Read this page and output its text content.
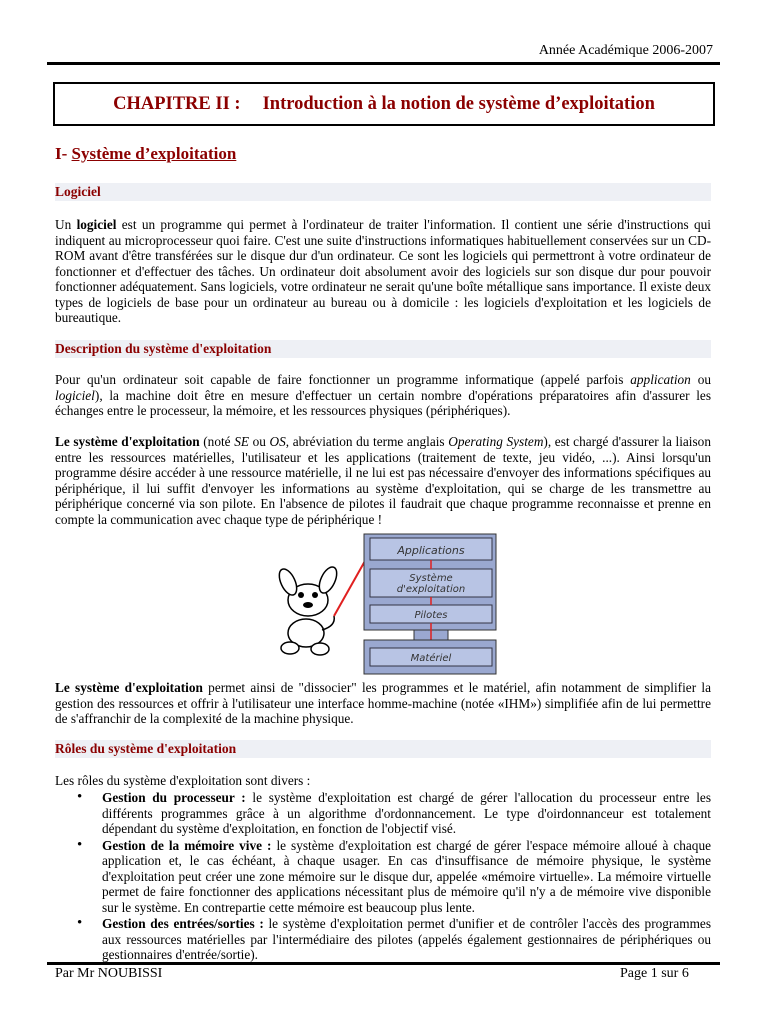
Année Académique 2006-2007
CHAPITRE II : Introduction à la notion de système d’exploitation
I- Système d’exploitation
Logiciel
Un logiciel est un programme qui permet à l'ordinateur de traiter l'information. Il contient une série d'instructions qui indiquent au microprocesseur quoi faire. C'est une suite d'instructions informatiques habituellement conservées sur un CD-ROM avant d'être transférées sur le disque dur d'un ordinateur. Ce sont les logiciels qui permettront à votre ordinateur de fonctionner et d'effectuer des tâches. Un ordinateur doit absolument avoir des logiciels sur son disque dur pour pouvoir fonctionner adéquatement. Sans logiciels, votre ordinateur ne serait qu'une boîte métallique sans importance. Il existe deux types de logiciels de base pour un ordinateur au bureau ou à domicile : les logiciels d'exploitation et les logiciels de bureautique.
Description du système d'exploitation
Pour qu'un ordinateur soit capable de faire fonctionner un programme informatique (appelé parfois application ou logiciel), la machine doit être en mesure d'effectuer un certain nombre d'opérations préparatoires afin d'assurer les échanges entre le processeur, la mémoire, et les ressources physiques (périphériques).
Le système d'exploitation (noté SE ou OS, abréviation du terme anglais Operating System), est chargé d'assurer la liaison entre les ressources matérielles, l'utilisateur et les applications (traitement de texte, jeu vidéo, ...). Ainsi lorsqu'un programme désire accéder à une ressource matérielle, il ne lui est pas nécessaire d'envoyer des informations spécifiques au périphérique, il lui suffit d'envoyer les informations au système d'exploitation, qui se charge de les transmettre au périphérique concerné via son pilote. En l'absence de pilotes il faudrait que chaque programme reconnaisse et prenne en compte la communication avec chaque type de périphérique !
Applications
Système
d'exploitation
Pilotes
Matériel
Le système d'exploitation permet ainsi de "dissocier" les programmes et le matériel, afin notamment de simplifier la gestion des ressources et offrir à l'utilisateur une interface homme-machine (notée «IHM») simplifiée afin de lui permettre de s'affranchir de la complexité de la machine physique.
Rôles du système d'exploitation
Les rôles du système d'exploitation sont divers :
• Gestion du processeur : le système d'exploitation est chargé de gérer l'allocation du processeur entre les différents programmes grâce à un algorithme d'ordonnancement. Le type d'oirdonnanceur est totalement dépendant du système d'exploitation, en fonction de l'objectif visé.
• Gestion de la mémoire vive : le système d'exploitation est chargé de gérer l'espace mémoire alloué à chaque application et, le cas échéant, à chaque usager. En cas d'insuffisance de mémoire physique, le système d'exploitation peut créer une zone mémoire sur le disque dur, appelée «mémoire virtuelle». La mémoire virtuelle permet de faire fonctionner des applications nécessitant plus de mémoire qu'il n'y a de mémoire vive disponible sur le système. En contrepartie cette mémoire est beaucoup plus lente.
• Gestion des entrées/sorties : le système d'exploitation permet d'unifier et de contrôler l'accès des programmes aux ressources matérielles par l'intermédiaire des pilotes (appelés également gestionnaires de périphériques ou gestionnaires d'entrée/sortie).
Par Mr NOUBISSI	Page 1 sur 6
